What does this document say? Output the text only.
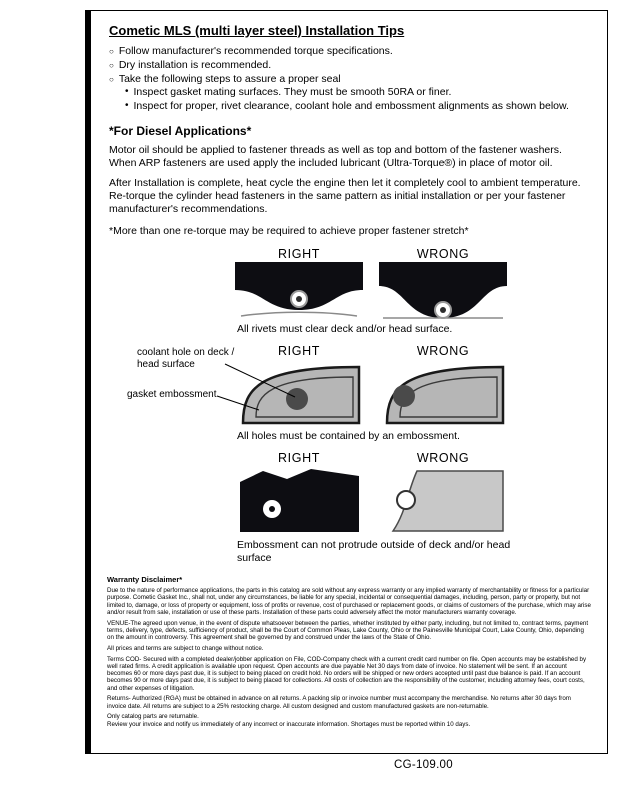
Cometic MLS (multi layer steel) Installation Tips
○ Follow manufacturer's recommended torque specifications.
○ Dry installation is recommended.
○ Take the following steps to assure a proper seal
• Inspect gasket mating surfaces. They must be smooth 50RA or finer.
• Inspect for proper, rivet clearance, coolant hole and embossment alignments as shown below.
*For Diesel Applications*
Motor oil should be applied to fastener threads as well as top and bottom of the fastener washers. When ARP fasteners are used apply the included lubricant (Ultra-Torque®) in place of motor oil.
After Installation is complete, heat cycle the engine then let it completely cool to ambient temperature. Re-torque the cylinder head fasteners in the same pattern as initial installation or per your fastener manufacturer's recommendations.
*More than one re-torque may be required to achieve proper fastener stretch*
RIGHT	WRONG
All rivets must clear deck and/or head surface.
coolant hole on deck / head surface
gasket embossment
RIGHT	WRONG
All holes must be contained by an embossment.
RIGHT	WRONG
Embossment can not protrude outside of deck and/or head surface
Warranty Disclaimer*
Due to the nature of performance applications, the parts in this catalog are sold without any express warranty or any implied warranty of merchantability or fitness for a particular purpose. Cometic Gasket Inc., shall not, under any circumstances, be liable for any special, incidental or consequential damages, including, person, party or property, but not limited to, damage, or loss of property or equipment, loss of profits or revenue, cost of purchased or replacement goods, or claims of customers of the purchase, which may arise and/or result from sale, installation or use of these parts. Installation of these parts could adversely affect the motor manufacturers warranty coverage.
VENUE-The agreed upon venue, in the event of dispute whatsoever between the parties, whether instituted by either party, including, but not limited to, contract terms, payment terms, delivery, type, defects, sufficiency of product, shall be the Court of Common Pleas, Lake County, Ohio or the Painesville Municipal Court, Lake County, Ohio, depending on the amount in controversy. This agreement shall be governed by and construed under the laws of the State of Ohio.
All prices and terms are subject to change without notice.
Terms COD- Secured with a completed dealer/jobber application on File, COD-Company check with a current credit card number on file. Open accounts may be established by well rated firms. A credit application is available upon request. Open accounts are due payable Net 30 days from date of invoice. No statement will be sent. If an account becomes 60 or more days past due, it is subject to being placed on credit hold. No orders will be shipped or new orders accepted until past due balance is paid. If an account becomes 90 or more days past due, it is subject to being placed for collections. All costs of collection are the responsibility of the customer, including attorney fees, court costs, and other expenses of litigation.
Returns- Authorized (RGA) must be obtained in advance on all returns. A packing slip or invoice number must accompany the merchandise. No returns after 30 days from invoice date. All returns are subject to a 25% restocking charge. All custom designed and custom manufactured gaskets are non-returnable.
Only catalog parts are returnable.
Review your invoice and notify us immediately of any incorrect or inaccurate information. Shortages must be reported within 10 days.
CG-109.00
